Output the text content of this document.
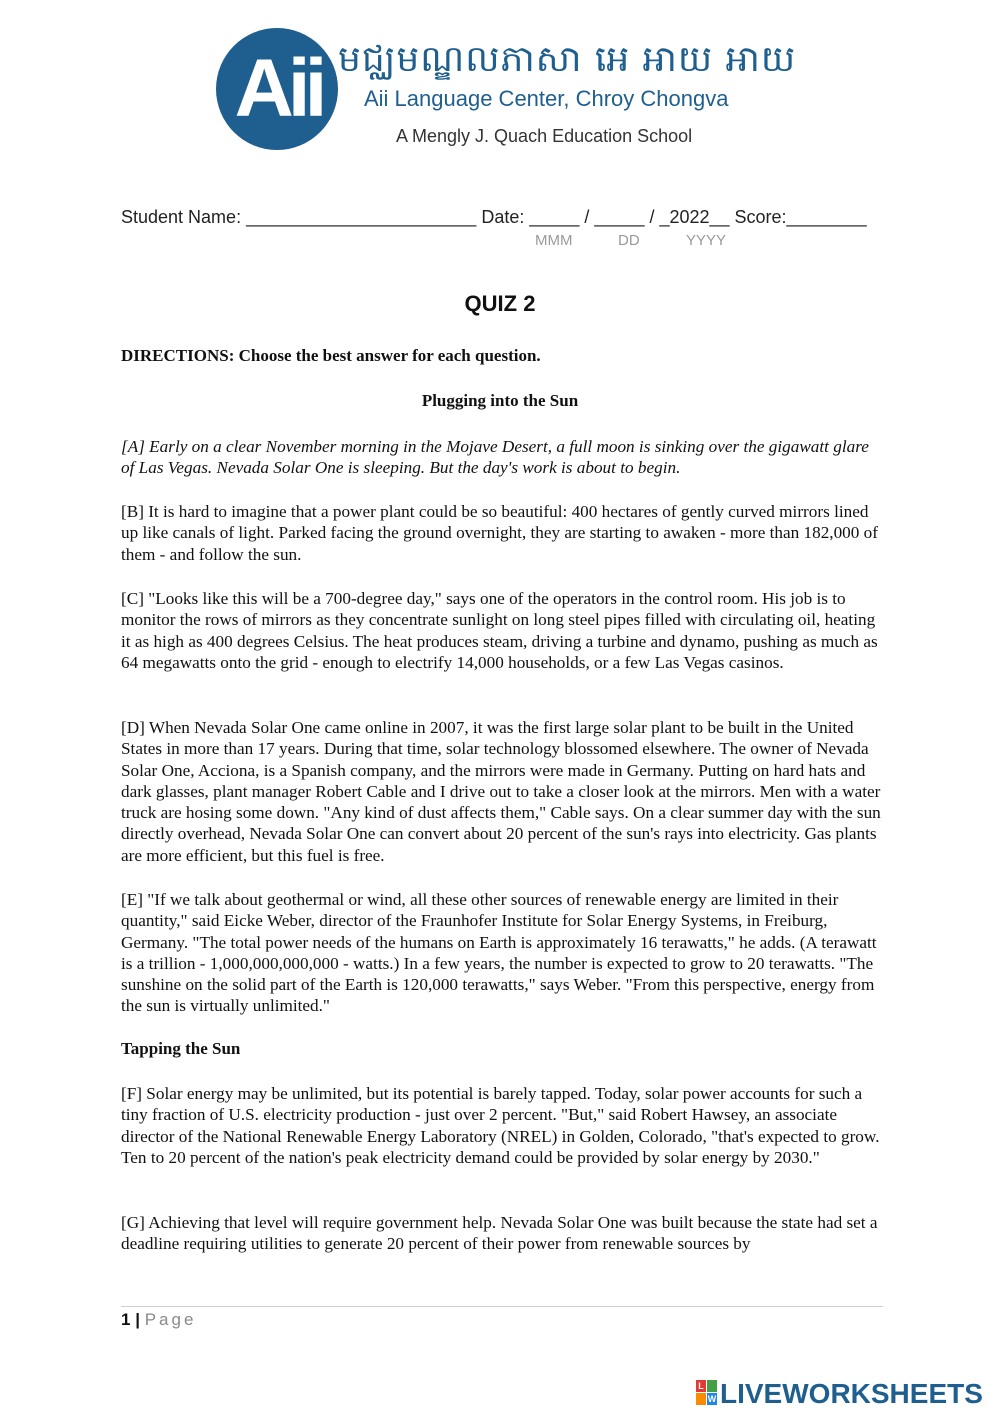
Aii មជ្ឈមណ្ឌលភាសា អេ អាយ អាយ
Aii Language Center, Chroy Chongva
A Mengly J. Quach Education School
Student Name: _______________________ Date: _____ / _____ / _2022__ Score:________
MMM	DD	YYYY
QUIZ 2
DIRECTIONS: Choose the best answer for each question.
Plugging into the Sun

[A] Early on a clear November morning in the Mojave Desert, a full moon is sinking over the gigawatt glare of Las Vegas. Nevada Solar One is sleeping. But the day's work is about to begin.

[B] It is hard to imagine that a power plant could be so beautiful: 400 hectares of gently curved mirrors lined up like canals of light. Parked facing the ground overnight, they are starting to awaken - more than 182,000 of them - and follow the sun.

[C] "Looks like this will be a 700-degree day," says one of the operators in the control room. His job is to monitor the rows of mirrors as they concentrate sunlight on long steel pipes filled with circulating oil, heating it as high as 400 degrees Celsius. The heat produces steam, driving a turbine and dynamo, pushing as much as 64 megawatts onto the grid - enough to electrify 14,000 households, or a few Las Vegas casinos.

[D] When Nevada Solar One came online in 2007, it was the first large solar plant to be built in the United States in more than 17 years. During that time, solar technology blossomed elsewhere. The owner of Nevada Solar One, Acciona, is a Spanish company, and the mirrors were made in Germany. Putting on hard hats and dark glasses, plant manager Robert Cable and I drive out to take a closer look at the mirrors. Men with a water truck are hosing some down. "Any kind of dust affects them," Cable says. On a clear summer day with the sun directly overhead, Nevada Solar One can convert about 20 percent of the sun's rays into electricity. Gas plants are more efficient, but this fuel is free.

[E] "If we talk about geothermal or wind, all these other sources of renewable energy are limited in their quantity," said Eicke Weber, director of the Fraunhofer Institute for Solar Energy Systems, in Freiburg, Germany. "The total power needs of the humans on Earth is approximately 16 terawatts," he adds. (A terawatt is a trillion - 1,000,000,000,000 - watts.) In a few years, the number is expected to grow to 20 terawatts. "The sunshine on the solid part of the Earth is 120,000 terawatts," says Weber. "From this perspective, energy from the sun is virtually unlimited."

Tapping the Sun

[F] Solar energy may be unlimited, but its potential is barely tapped. Today, solar power accounts for such a tiny fraction of U.S. electricity production - just over 2 percent. "But," said Robert Hawsey, an associate director of the National Renewable Energy Laboratory (NREL) in Golden, Colorado, "that's expected to grow. Ten to 20 percent of the nation's peak electricity demand could be provided by solar energy by 2030."

[G] Achieving that level will require government help. Nevada Solar One was built because the state had set a deadline requiring utilities to generate 20 percent of their power from renewable sources by

1 | Page
L
W LIVEWORKSHEETS
